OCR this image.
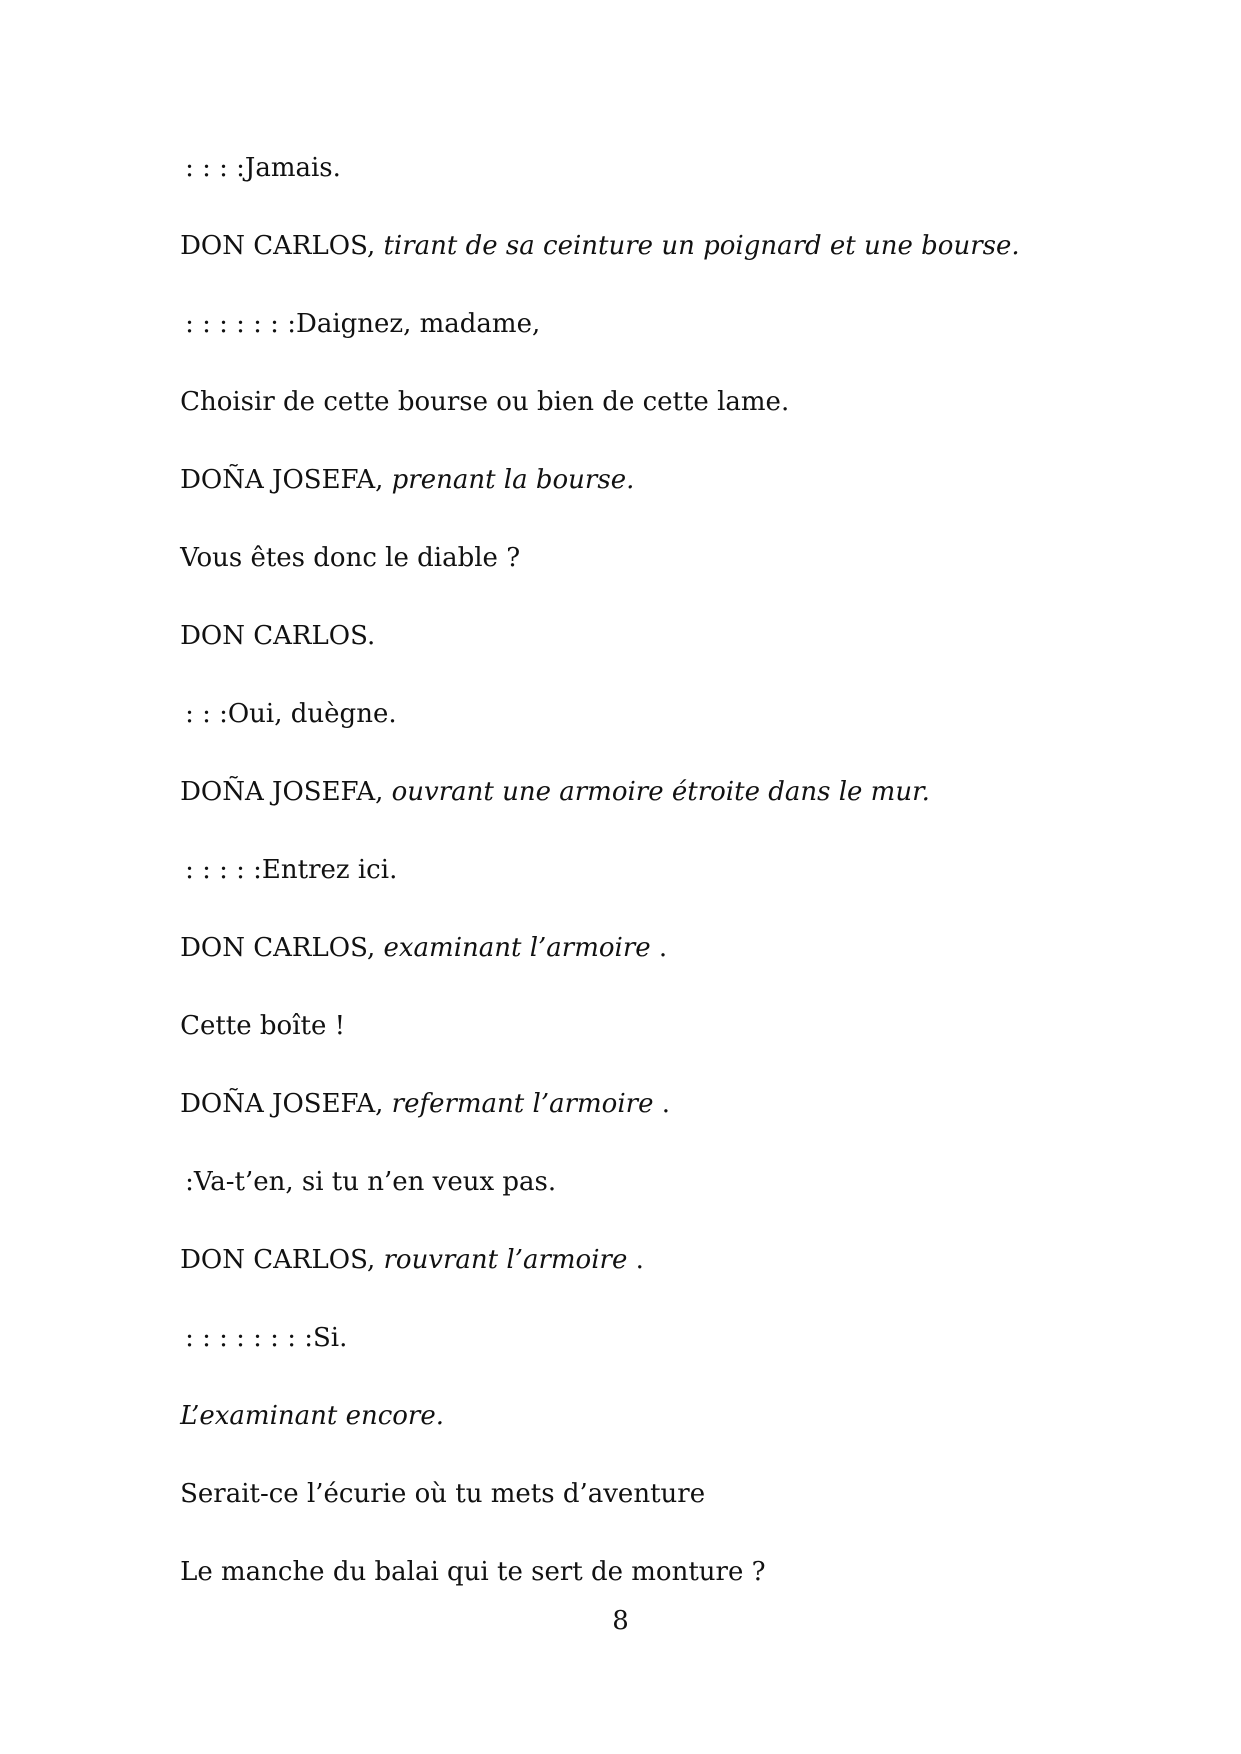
: : : :Jamais.

DON CARLOS, tirant de sa ceinture un poignard et une bourse.

: : : : : : :Daignez, madame,

Choisir de cette bourse ou bien de cette lame.

DOÑA JOSEFA, prenant la bourse.

Vous êtes donc le diable ?

DON CARLOS.

: : :Oui, duègne.

DOÑA JOSEFA, ouvrant une armoire étroite dans le mur.

: : : : :Entrez ici.

DON CARLOS, examinant l’armoire .

Cette boîte !

DOÑA JOSEFA, refermant l’armoire .

:Va-t’en, si tu n’en veux pas.

DON CARLOS, rouvrant l’armoire .

: : : : : : : :Si.

L’examinant encore.

Serait-ce l’écurie où tu mets d’aventure

Le manche du balai qui te sert de monture ?

8
